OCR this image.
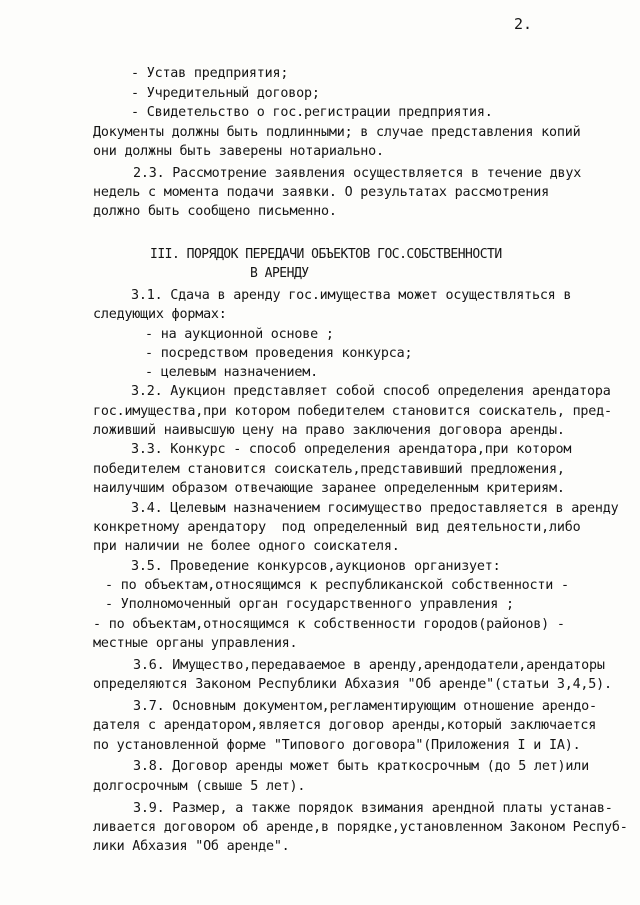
2.
- Устав предприятия;
- Учредительный договор;
- Свидетельство о гос.регистрации предприятия.
Документы должны быть подлинными; в случае представления копий
они должны быть заверены нотариально.
2.3. Рассмотрение заявления осуществляется в течение двух
недель с момента подачи заявки. О результатах рассмотрения
должно быть сообщено письменно.
III. ПОРЯДОК ПЕРЕДАЧИ ОБЪЕКТОВ ГОС.СОБСТВЕННОСТИ
В АРЕНДУ
3.1. Сдача в аренду гос.имущества может осуществляться в
следующих формах:
- на аукционной основе ;
- посредством проведения конкурса;
- целевым назначением.
3.2. Аукцион представляет собой способ определения арендатора
гос.имущества,при котором победителем становится соискатель, пред-
ложивший наивысшую цену на право заключения договора аренды.
3.3. Конкурс - способ определения арендатора,при котором
победителем становится соискатель,представивший предложения,
наилучшим образом отвечающие заранее определенным критериям.
3.4. Целевым назначением госимущество предоставляется в аренду
конкретному арендатору  под определенный вид деятельности,либо
при наличии не более одного соискателя.
3.5. Проведение конкурсов,аукционов организует:
- по объектам,относящимся к республиканской собственности -
- Уполномоченный орган государственного управления ;
- по объектам,относящимся к собственности городов(районов) -
местные органы управления.
3.6. Имущество,передаваемое в аренду,арендодатели,арендаторы
определяются Законом Республики Абхазия "Об аренде"(статьи 3,4,5).
3.7. Основным документом,регламентирующим отношение арендо-
дателя с арендатором,является договор аренды,который заключается
по установленной форме "Типового договора"(Приложения I и IA).
3.8. Договор аренды может быть краткосрочным (до 5 лет)или
долгосрочным (свыше 5 лет).
3.9. Размер, а также порядок взимания арендной платы устанав-
ливается договором об аренде,в порядке,установленном Законом Респуб-
лики Абхазия "Об аренде".
